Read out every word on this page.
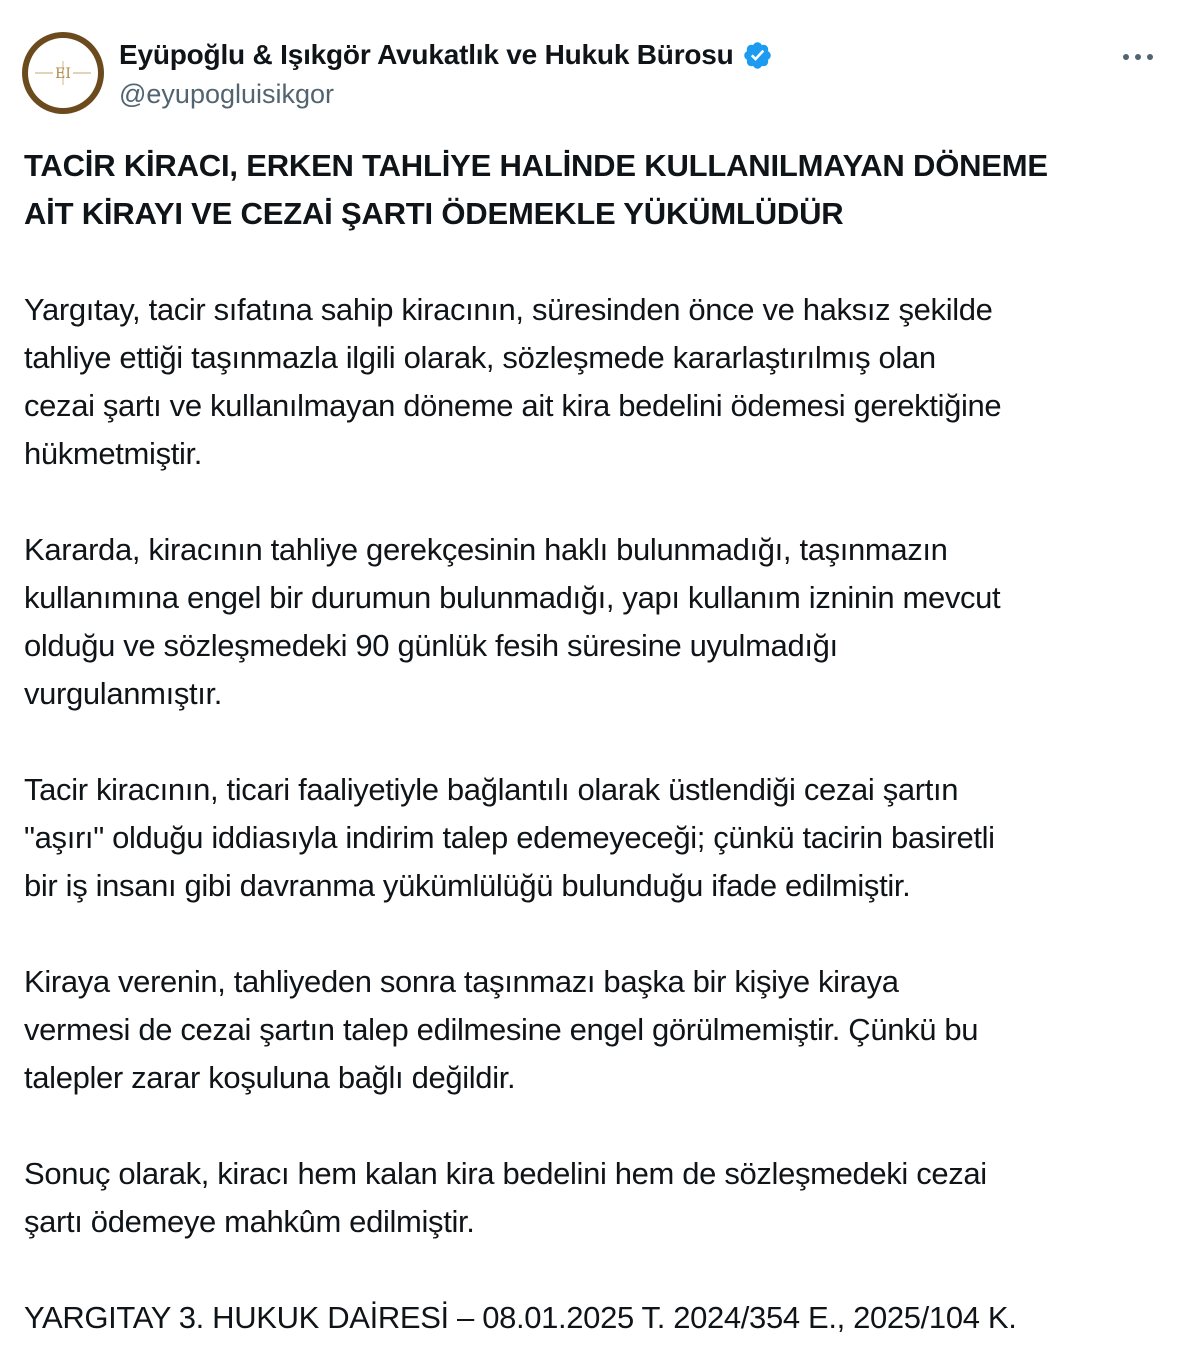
EI
Eyüpoğlu & Işıkgör Avukatlık ve Hukuk Bürosu
@eyupogluisikgor

TACİR KİRACI, ERKEN TAHLİYE HALİNDE KULLANILMAYAN DÖNEME
AİT KİRAYI VE CEZAİ ŞARTI ÖDEMEKLE YÜKÜMLÜDÜR

Yargıtay, tacir sıfatına sahip kiracının, süresinden önce ve haksız şekilde
tahliye ettiği taşınmazla ilgili olarak, sözleşmede kararlaştırılmış olan
cezai şartı ve kullanılmayan döneme ait kira bedelini ödemesi gerektiğine
hükmetmiştir.

Kararda, kiracının tahliye gerekçesinin haklı bulunmadığı, taşınmazın
kullanımına engel bir durumun bulunmadığı, yapı kullanım izninin mevcut
olduğu ve sözleşmedeki 90 günlük fesih süresine uyulmadığı
vurgulanmıştır.

Tacir kiracının, ticari faaliyetiyle bağlantılı olarak üstlendiği cezai şartın
"aşırı" olduğu iddiasıyla indirim talep edemeyeceği; çünkü tacirin basiretli
bir iş insanı gibi davranma yükümlülüğü bulunduğu ifade edilmiştir.

Kiraya verenin, tahliyeden sonra taşınmazı başka bir kişiye kiraya
vermesi de cezai şartın talep edilmesine engel görülmemiştir. Çünkü bu
talepler zarar koşuluna bağlı değildir.

Sonuç olarak, kiracı hem kalan kira bedelini hem de sözleşmedeki cezai
şartı ödemeye mahkûm edilmiştir.

YARGITAY 3. HUKUK DAİRESİ – 08.01.2025 T. 2024/354 E., 2025/104 K.
